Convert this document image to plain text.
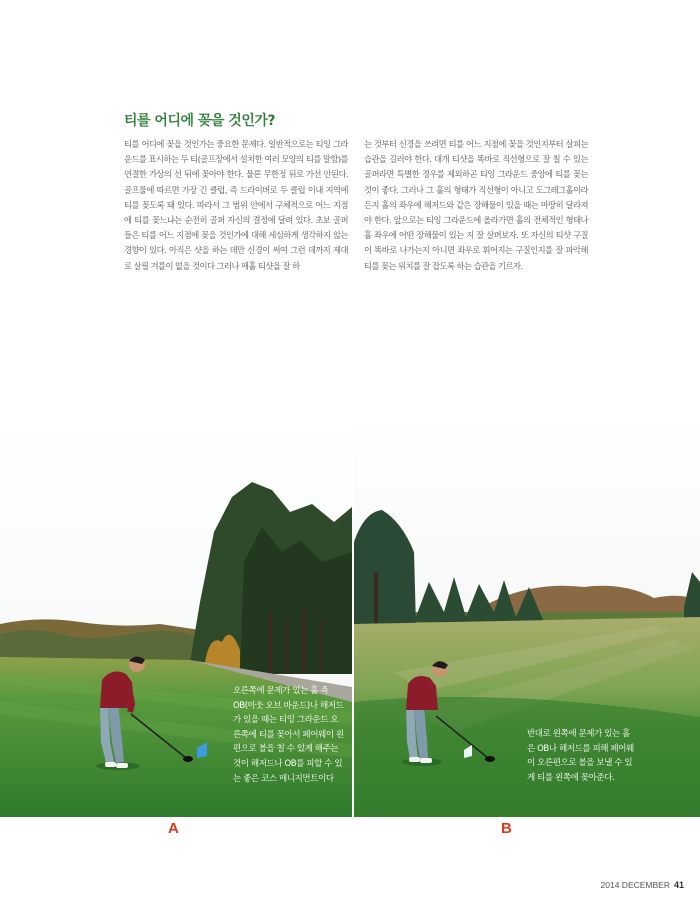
티를 어디에 꽂을 것인가?

티를 어디에 꽂을 것인가는 중요한 문제다. 일반적으로는 티잉 그라운드를 표시하는 두 티(골프장에서 설치한 여러 모양의 티를 말함)를 연결한 가상의 선 뒤에 꽂아야 한다. 물론 무한정 뒤로 가선 안된다. 골프룰에 따르면 가장 긴 클럽, 즉 드라이버로 두 클럽 이내 지역에 티를 꽂도록 돼 있다. 따라서 그 범위 안에서 구체적으로 어느 지점에 티를 꽂느냐는 순전히 골퍼 자신의 결정에 달려 있다. 초보 골퍼들은 티를 어느 지점에 꽂을 것인가에 대해 세심하게 생각하지 않는 경향이 있다. 아직은 샷을 하는 데만 신경이 써여 그런 데까지 제대로 살필 겨를이 없을 것이다 그러나 매홀 티샷을 잘 하

는 것부터 신경을 쓰려면 티를 어느 지점에 꽂을 것인지부터 살피는 습관을 길러야 한다. 대개 티샷을 똑바로 직선형으로 잘 칠 수 있는 골퍼라면 특별한 경우를 제외하곤 티잉 그라운드 중앙에 티를 꽂는 것이 좋다. 그러나 그 홀의 형태가 직선형이 아니고 도그레그홀이라든지 홀의 좌우에 해저드와 같은 장해물이 있을 때는 마땅히 달라져야 한다. 앞으로는 티잉 그라운드에 올라가면 홀의 전체적인 형태나 홀 좌우에 어떤 장해물이 있는 지 잘 살펴보자. 또 자신의 티샷 구질이 똑바로 나가는지 아니면 좌우로 휘어지는 구질인지를 잘 파악해 티를 꽂는 위치를 잘 잡도록 하는 습관을 기르자.

오른쪽에 문제가 있는 홀 즉 OB(아웃 오브 바운드)나 해저드가 있을 때는 티잉 그라운드 오른쪽에 티를 꽂아서 페어웨이 왼편으로 볼을 칠 수 있게 해주는 것이 해저드나 OB를 피할 수 있는 좋은 코스 매니지먼트이다

반대로 왼쪽에 문제가 있는 홀은 OB나 해저드를 피해 페어웨이 오른편으로 볼을 보낼 수 있게 티를 왼쪽에 꽂아준다.

A	B
2014 DECEMBER 41
